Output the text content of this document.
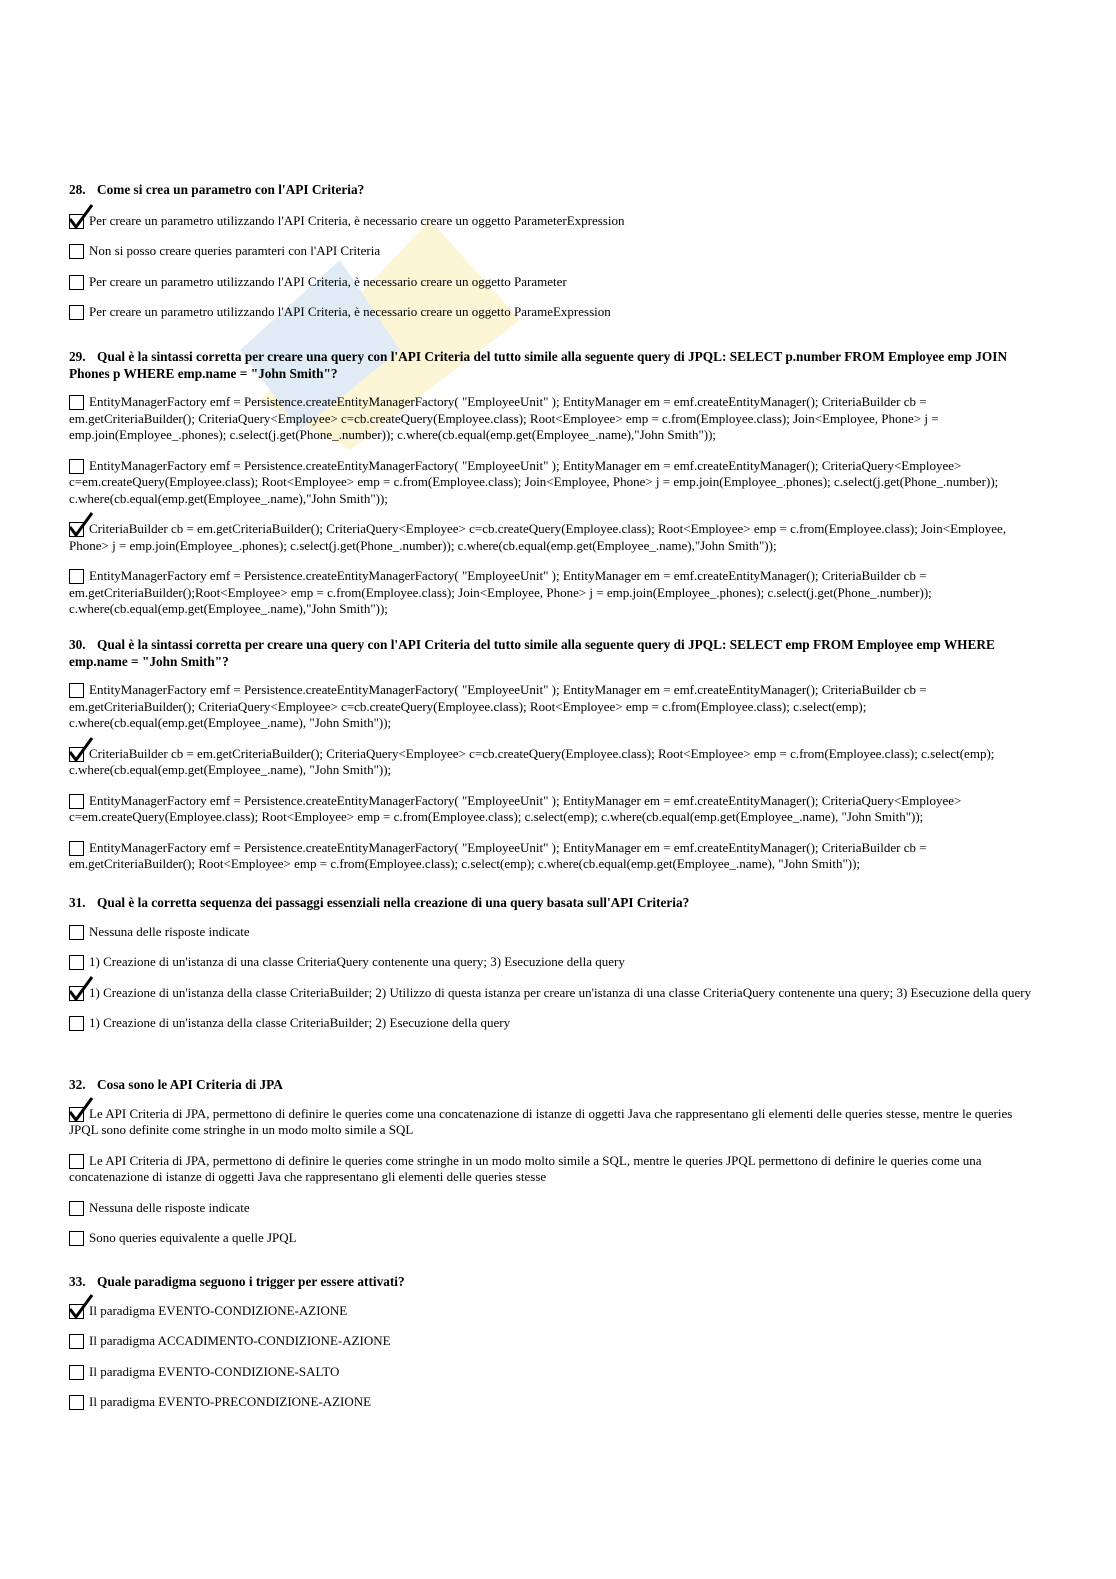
28. Come si crea un parametro con l'API Criteria?
Per creare un parametro utilizzando l'API Criteria, è necessario creare un oggetto ParameterExpression
Non si posso creare queries paramteri con l'API Criteria
Per creare un parametro utilizzando l'API Criteria, è necessario creare un oggetto Parameter
Per creare un parametro utilizzando l'API Criteria, è necessario creare un oggetto ParameExpression
29. Qual è la sintassi corretta per creare una query con l'API Criteria del tutto simile alla seguente query di JPQL: SELECT p.number FROM Employee emp JOIN Phones p WHERE emp.name = "John Smith"?
EntityManagerFactory emf = Persistence.createEntityManagerFactory( "EmployeeUnit" ); EntityManager em = emf.createEntityManager(); CriteriaBuilder cb = em.getCriteriaBuilder(); CriteriaQuery<Employee> c=cb.createQuery(Employee.class); Root<Employee> emp = c.from(Employee.class); Join<Employee, Phone> j = emp.join(Employee_.phones); c.select(j.get(Phone_.number)); c.where(cb.equal(emp.get(Employee_.name),"John Smith"));
EntityManagerFactory emf = Persistence.createEntityManagerFactory( "EmployeeUnit" ); EntityManager em = emf.createEntityManager(); CriteriaQuery<Employee> c=em.createQuery(Employee.class); Root<Employee> emp = c.from(Employee.class); Join<Employee, Phone> j = emp.join(Employee_.phones); c.select(j.get(Phone_.number)); c.where(cb.equal(emp.get(Employee_.name),"John Smith"));
CriteriaBuilder cb = em.getCriteriaBuilder(); CriteriaQuery<Employee> c=cb.createQuery(Employee.class); Root<Employee> emp = c.from(Employee.class); Join<Employee, Phone> j = emp.join(Employee_.phones); c.select(j.get(Phone_.number)); c.where(cb.equal(emp.get(Employee_.name),"John Smith"));
EntityManagerFactory emf = Persistence.createEntityManagerFactory( "EmployeeUnit" ); EntityManager em = emf.createEntityManager(); CriteriaBuilder cb = em.getCriteriaBuilder();Root<Employee> emp = c.from(Employee.class); Join<Employee, Phone> j = emp.join(Employee_.phones); c.select(j.get(Phone_.number)); c.where(cb.equal(emp.get(Employee_.name),"John Smith"));
30. Qual è la sintassi corretta per creare una query con l'API Criteria del tutto simile alla seguente query di JPQL: SELECT emp FROM Employee emp WHERE emp.name = "John Smith"?
EntityManagerFactory emf = Persistence.createEntityManagerFactory( "EmployeeUnit" ); EntityManager em = emf.createEntityManager(); CriteriaBuilder cb = em.getCriteriaBuilder(); CriteriaQuery<Employee> c=cb.createQuery(Employee.class); Root<Employee> emp = c.from(Employee.class); c.select(emp); c.where(cb.equal(emp.get(Employee_.name), "John Smith"));
CriteriaBuilder cb = em.getCriteriaBuilder(); CriteriaQuery<Employee> c=cb.createQuery(Employee.class); Root<Employee> emp = c.from(Employee.class); c.select(emp); c.where(cb.equal(emp.get(Employee_.name), "John Smith"));
EntityManagerFactory emf = Persistence.createEntityManagerFactory( "EmployeeUnit" ); EntityManager em = emf.createEntityManager(); CriteriaQuery<Employee> c=em.createQuery(Employee.class); Root<Employee> emp = c.from(Employee.class); c.select(emp); c.where(cb.equal(emp.get(Employee_.name), "John Smith"));
EntityManagerFactory emf = Persistence.createEntityManagerFactory( "EmployeeUnit" ); EntityManager em = emf.createEntityManager(); CriteriaBuilder cb = em.getCriteriaBuilder(); Root<Employee> emp = c.from(Employee.class); c.select(emp); c.where(cb.equal(emp.get(Employee_.name), "John Smith"));
31. Qual è la corretta sequenza dei passaggi essenziali nella creazione di una query basata sull'API Criteria?
Nessuna delle risposte indicate
1) Creazione di un'istanza di una classe CriteriaQuery contenente una query; 3) Esecuzione della query
1) Creazione di un'istanza della classe CriteriaBuilder; 2) Utilizzo di questa istanza per creare un'istanza di una classe CriteriaQuery contenente una query; 3) Esecuzione della query
1) Creazione di un'istanza della classe CriteriaBuilder; 2) Esecuzione della query
32. Cosa sono le API Criteria di JPA
Le API Criteria di JPA, permettono di definire le queries come una concatenazione di istanze di oggetti Java che rappresentano gli elementi delle queries stesse, mentre le queries JPQL sono definite come stringhe in un modo molto simile a SQL
Le API Criteria di JPA, permettono di definire le queries come stringhe in un modo molto simile a SQL, mentre le queries JPQL permettono di definire le queries come una concatenazione di istanze di oggetti Java che rappresentano gli elementi delle queries stesse
Nessuna delle risposte indicate
Sono queries equivalente a quelle JPQL
33. Quale paradigma seguono i trigger per essere attivati?
Il paradigma EVENTO-CONDIZIONE-AZIONE
Il paradigma ACCADIMENTO-CONDIZIONE-AZIONE
Il paradigma EVENTO-CONDIZIONE-SALTO
Il paradigma EVENTO-PRECONDIZIONE-AZIONE
